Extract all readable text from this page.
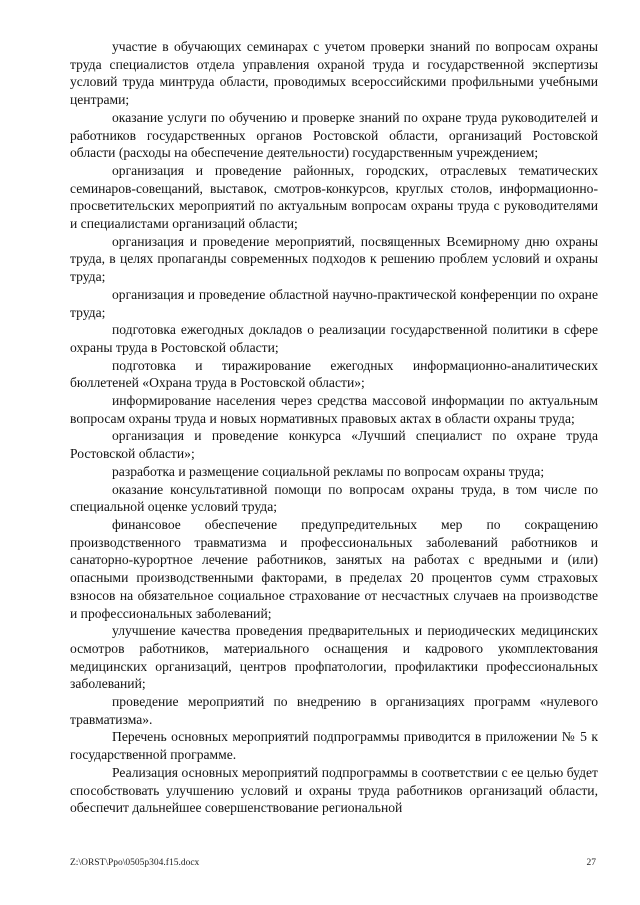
участие в обучающих семинарах с учетом проверки знаний по вопросам охраны труда специалистов отдела управления охраной труда и государственной экспертизы условий труда минтруда области, проводимых всероссийскими профильными учебными центрами;

оказание услуги по обучению и проверке знаний по охране труда руководителей и работников государственных органов Ростовской области, организаций Ростовской области (расходы на обеспечение деятельности) государственным учреждением;

организация и проведение районных, городских, отраслевых тематических семинаров-совещаний, выставок, смотров-конкурсов, круглых столов, информационно-просветительских мероприятий по актуальным вопросам охраны труда с руководителями и специалистами организаций области;

организация и проведение мероприятий, посвященных Всемирному дню охраны труда, в целях пропаганды современных подходов к решению проблем условий и охраны труда;

организация и проведение областной научно-практической конференции по охране труда;

подготовка ежегодных докладов о реализации государственной политики в сфере охраны труда в Ростовской области;

подготовка и тиражирование ежегодных информационно-аналитических бюллетеней «Охрана труда в Ростовской области»;

информирование населения через средства массовой информации по актуальным вопросам охраны труда и новых нормативных правовых актах в области охраны труда;

организация и проведение конкурса «Лучший специалист по охране труда Ростовской области»;

разработка и размещение социальной рекламы по вопросам охраны труда;

оказание консультативной помощи по вопросам охраны труда, в том числе по специальной оценке условий труда;

финансовое обеспечение предупредительных мер по сокращению производственного травматизма и профессиональных заболеваний работников и санаторно-курортное лечение работников, занятых на работах с вредными и (или) опасными производственными факторами, в пределах 20 процентов сумм страховых взносов на обязательное социальное страхование от несчастных случаев на производстве и профессиональных заболеваний;

улучшение качества проведения предварительных и периодических медицинских осмотров работников, материального оснащения и кадрового укомплектования медицинских организаций, центров профпатологии, профилактики профессиональных заболеваний;

проведение мероприятий по внедрению в организациях программ «нулевого травматизма».

Перечень основных мероприятий подпрограммы приводится в приложении № 5 к государственной программе.

Реализация основных мероприятий подпрограммы в соответствии с ее целью будет способствовать улучшению условий и охраны труда работников организаций области, обеспечит дальнейшее совершенствование региональной

Z:\ORST\Ppo\0505p304.f15.docx	27
